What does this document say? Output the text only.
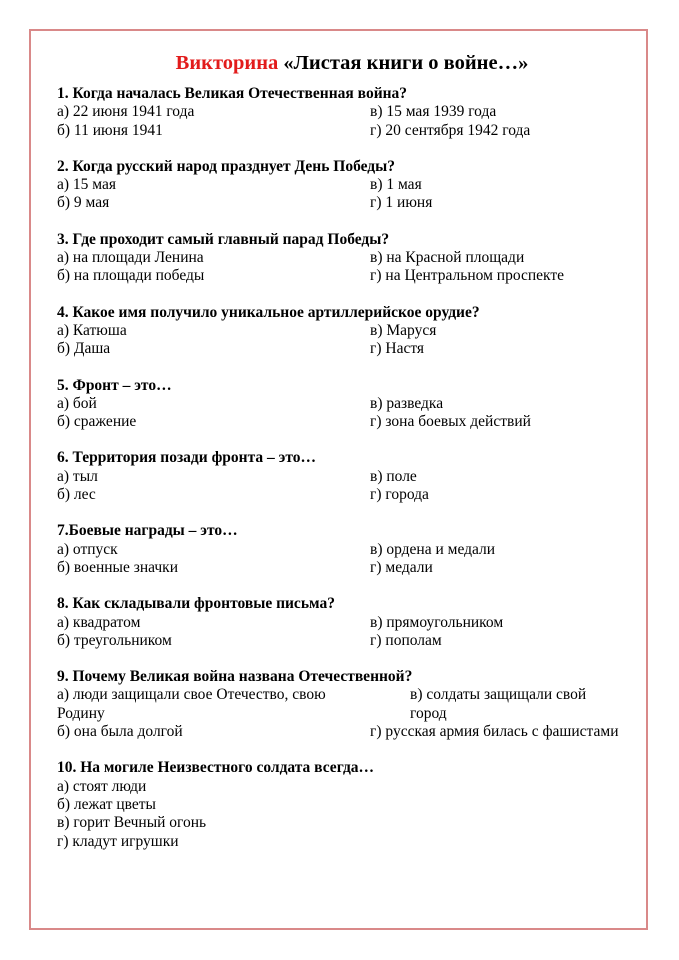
Викторина «Листая книги о войне…»
1. Когда началась Великая Отечественная война?
а) 22 июня 1941 года	в) 15 мая 1939 года
б) 11 июня 1941	г) 20 сентября 1942 года
2. Когда русский народ празднует День Победы?
а) 15 мая	в) 1 мая
б) 9 мая	г) 1 июня
3. Где проходит самый главный парад Победы?
а) на площади Ленина	в) на Красной площади
б) на площади победы	г) на Центральном проспекте
4. Какое имя получило уникальное артиллерийское орудие?
а) Катюша	в) Маруся
б) Даша	г) Настя
5. Фронт – это…
а) бой	в) разведка
б) сражение	г) зона боевых действий
6. Территория позади фронта – это…
а) тыл	в) поле
б) лес	г) города
7.Боевые награды – это…
а) отпуск	в) ордена и медали
б) военные значки	г) медали
8. Как складывали фронтовые письма?
а) квадратом	в) прямоугольником
б) треугольником	г) пополам
9. Почему Великая война названа Отечественной?
а) люди защищали свое Отечество, свою Родину
в) солдаты защищали свой город
б) она была долгой	г) русская армия билась с фашистами
10. На могиле Неизвестного солдата всегда…
а) стоят люди
б) лежат цветы
в) горит Вечный огонь
г) кладут игрушки
